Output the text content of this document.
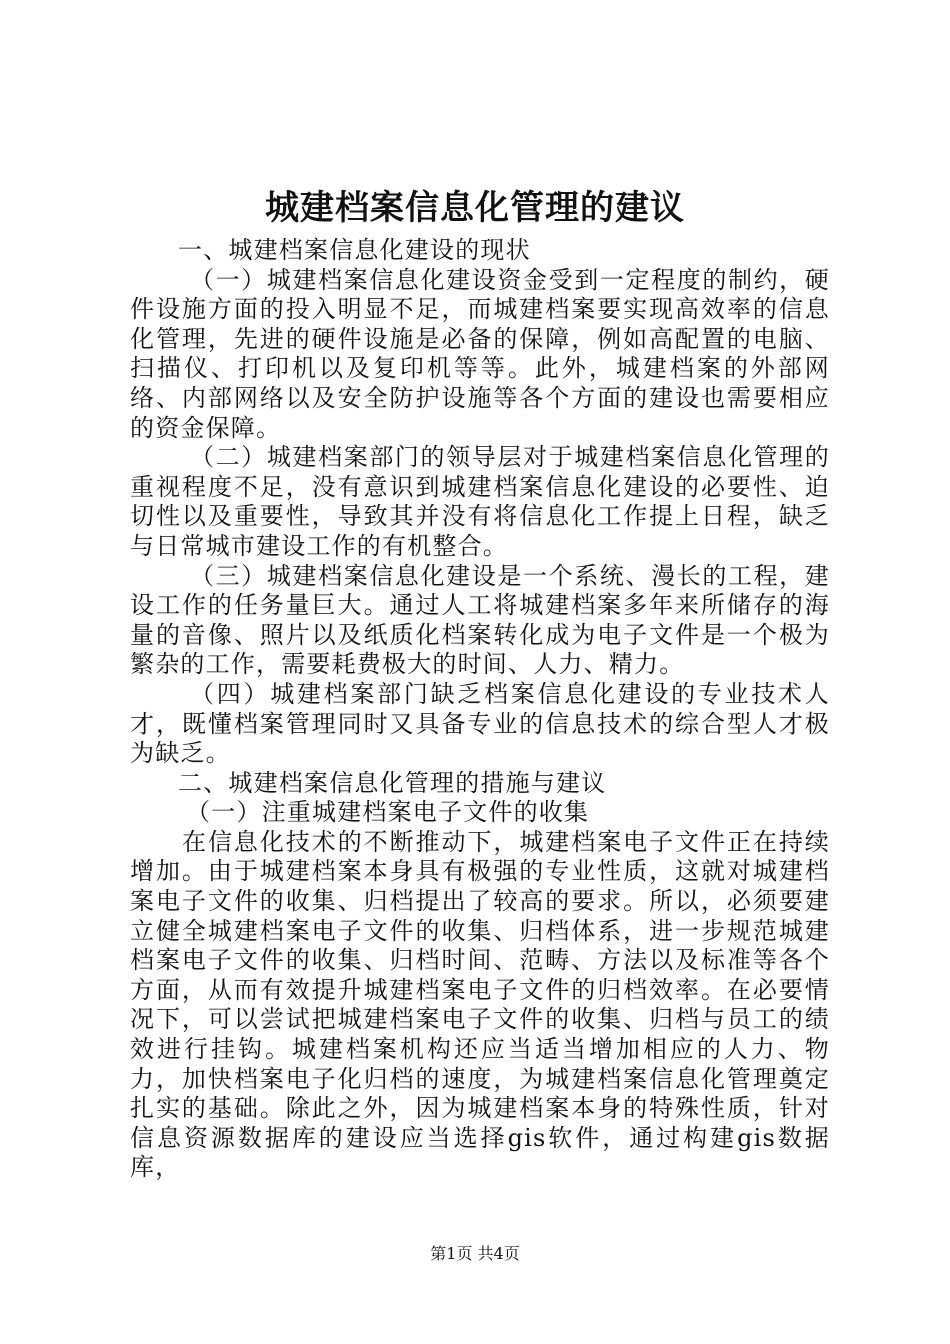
城建档案信息化管理的建议

一、城建档案信息化建设的现状

（一）城建档案信息化建设资金受到一定程度的制约，硬件设施方面的投入明显不足，而城建档案要实现高效率的信息化管理，先进的硬件设施是必备的保障，例如高配置的电脑、扫描仪、打印机以及复印机等等。此外，城建档案的外部网络、内部网络以及安全防护设施等各个方面的建设也需要相应的资金保障。

（二）城建档案部门的领导层对于城建档案信息化管理的重视程度不足，没有意识到城建档案信息化建设的必要性、迫切性以及重要性，导致其并没有将信息化工作提上日程，缺乏与日常城市建设工作的有机整合。

（三）城建档案信息化建设是一个系统、漫长的工程，建设工作的任务量巨大。通过人工将城建档案多年来所储存的海量的音像、照片以及纸质化档案转化成为电子文件是一个极为繁杂的工作，需要耗费极大的时间、人力、精力。

（四）城建档案部门缺乏档案信息化建设的专业技术人才，既懂档案管理同时又具备专业的信息技术的综合型人才极为缺乏。

二、城建档案信息化管理的措施与建议

（一）注重城建档案电子文件的收集

在信息化技术的不断推动下，城建档案电子文件正在持续增加。由于城建档案本身具有极强的专业性质，这就对城建档案电子文件的收集、归档提出了较高的要求。所以，必须要建立健全城建档案电子文件的收集、归档体系，进一步规范城建档案电子文件的收集、归档时间、范畴、方法以及标准等各个方面，从而有效提升城建档案电子文件的归档效率。在必要情况下，可以尝试把城建档案电子文件的收集、归档与员工的绩效进行挂钩。城建档案机构还应当适当增加相应的人力、物力，加快档案电子化归档的速度，为城建档案信息化管理奠定扎实的基础。除此之外，因为城建档案本身的特殊性质，针对信息资源数据库的建设应当选择gis软件，通过构建gis数据库，

第1页 共4页
